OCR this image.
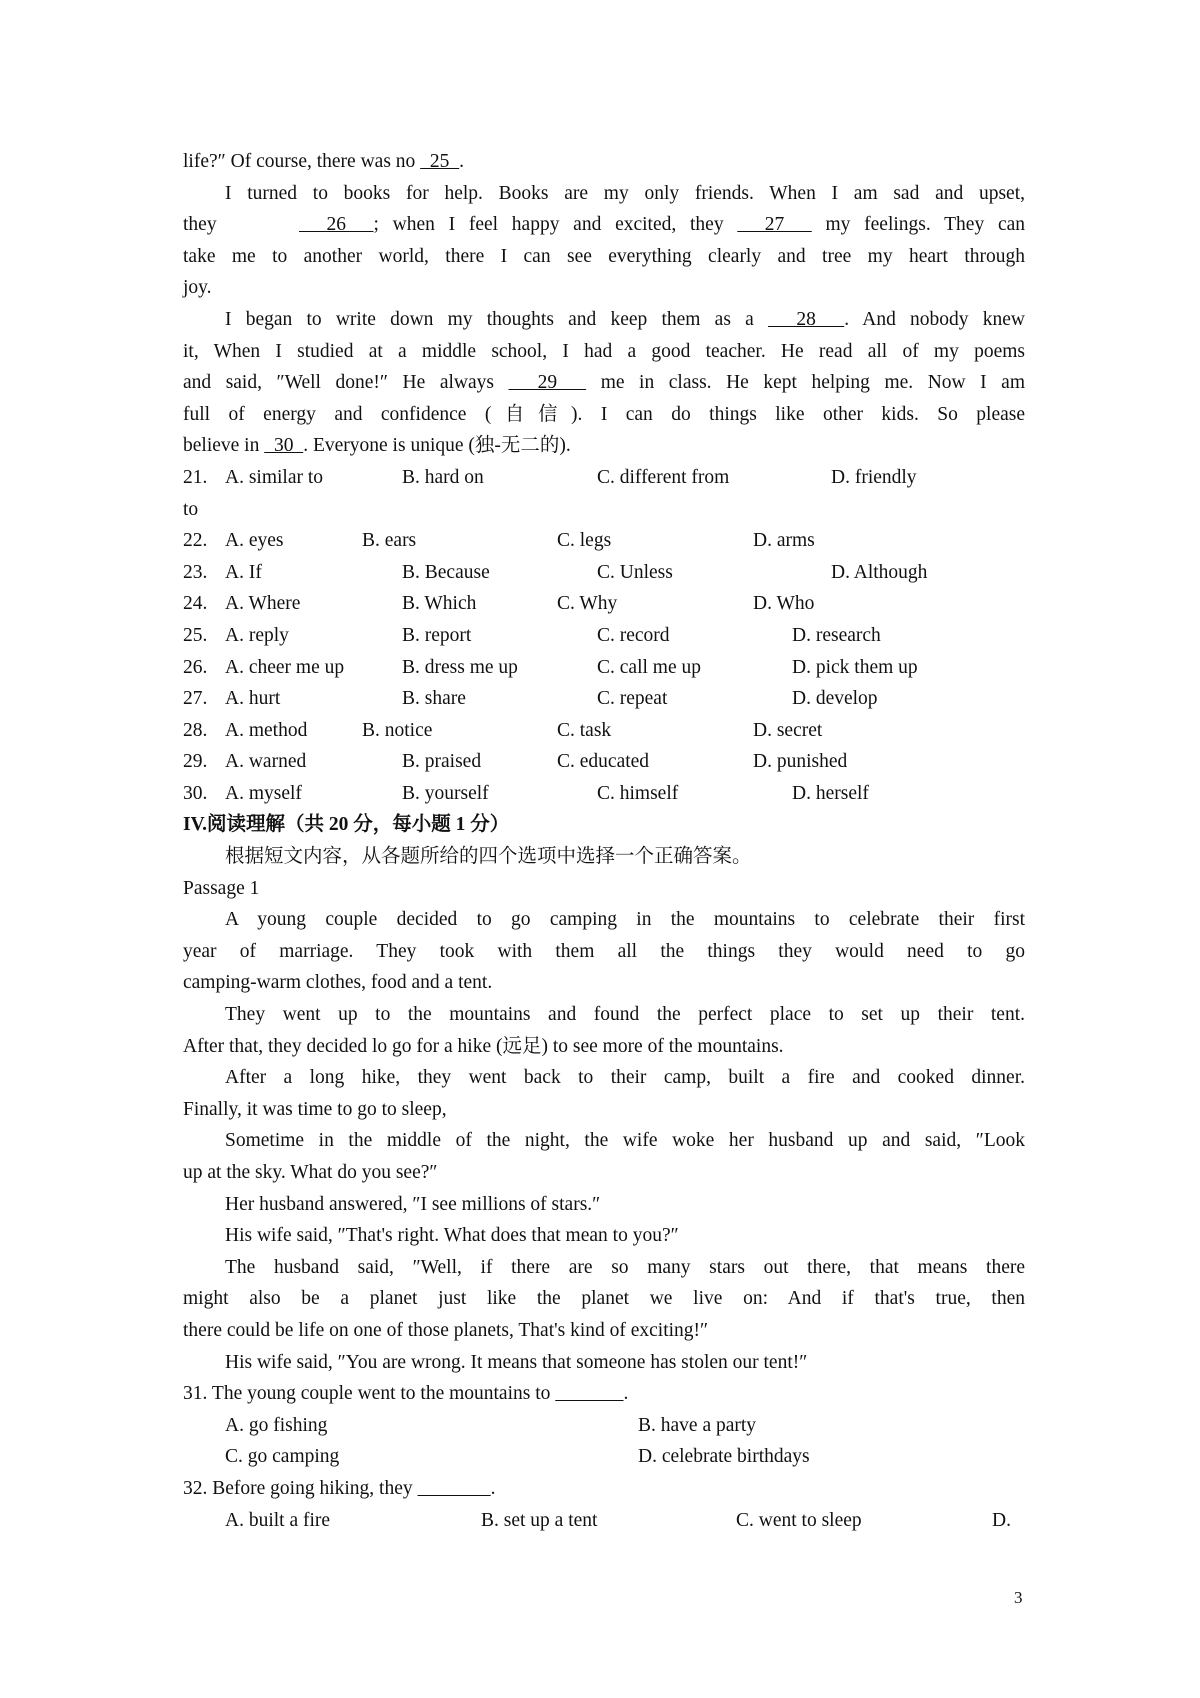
life?″ Of course, there was no   25  .
I turned to books for help. Books are my only friends. When I am sad and upset,
they        26  ; when I feel happy and excited, they   27   my feelings. They can
take me to another world, there I can see everything clearly and tree my heart through
joy.
I began to write down my thoughts and keep them as a   28  . And nobody knew
it, When I studied at a middle school, I had a good teacher. He read all of my poems
and said, ″Well done!″ He always   29   me in class. He kept helping me. Now I am
full of energy and confidence (自信). I can do things like other kids. So please
believe in   30  . Everyone is unique (独-无二的).
21. A. similar to	B. hard on	C. different from	D. friendly
to
22. A. eyes	B. ears	C. legs	D. arms
23. A. If	B. Because	C. Unless	D. Although
24. A. Where	B. Which	C. Why	D. Who
25. A. reply	B. report	C. record	D. research
26. A. cheer me up	B. dress me up	C. call me up	D. pick them up
27. A. hurt	B. share	C. repeat	D. develop
28. A. method	B. notice	C. task	D. secret
29. A. warned	B. praised	C. educated	D. punished
30. A. myself	B. yourself	C. himself	D. herself
IV.阅读理解（共 20 分，每小题 1 分）
根据短文内容，从各题所给的四个选项中选择一个正确答案。
Passage 1
A young couple decided to go camping in the mountains to celebrate their first
year of marriage. They took with them all the things they would need to go
camping-warm clothes, food and a tent.
They went up to the mountains and found the perfect place to set up their tent.
After that, they decided lo go for a hike (远足) to see more of the mountains.
After a long hike, they went back to their camp, built a fire and cooked dinner.
Finally, it was time to go to sleep,
Sometime in the middle of the night, the wife woke her husband up and said, ″Look
up at the sky. What do you see?″
Her husband answered, ″I see millions of stars.″
His wife said, ″That's right. What does that mean to you?″
The husband said, ″Well, if there are so many stars out there, that means there
might also be a planet just like the planet we live on: And if that's true, then
there could be life on one of those planets, That's kind of exciting!″
His wife said, ″You are wrong. It means that someone has stolen our tent!″
31. The young couple went to the mountains to	.
A. go fishing	B. have a party
C. go camping	D. celebrate birthdays
32. Before going hiking, they	.
A. built a fire	B. set up a tent	C. went to sleep	D.
3
